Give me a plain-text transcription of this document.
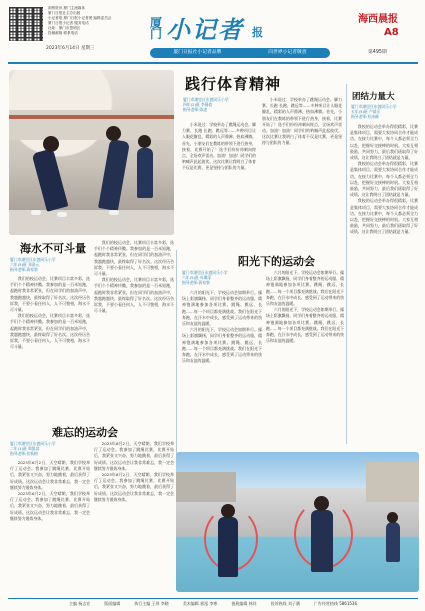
洞察资讯 厦门主流媒体
厦门日报社主办出版
小记者报 厦门日报小记者团 编辑委员会
厦门日报小记者 服务电话
社址：厦门市思明区
投稿邮箱 联系电话
2023年6月14日 星期三
厦门 小记者 报
海西晨报
A8
厦门日报社小记者品牌	向世界小记者敬意	第495期
践行体育精神
厦门市湖里区东渡同乐小学
四年(2)班 李静韵
指导老师:陈凌

小米说过：学校举办了跳绳运动会。脚力赛、长跑 长跑、跳远等……多种项目让人眼花缭乱，精彩的人声鼎沸，热血沸腾。首先，小朋友们在教练的带领下进行热身，接着，比赛开始了！选手们纷纷冲刺向终点，全场欢声雷动。加油！加油！同学们的呐喊声此起彼伏。这次比赛让我明白了体育不仅是比赛，更是坚持与团队的力量。

小米说过：学校举办了跳绳运动会。脚力赛、长跑 长跑、跳远等……多种项目让人眼花缭乱，精彩的人声鼎沸，热血沸腾。首先，小朋友们在教练的带领下进行热身，接着，比赛开始了！选手们纷纷冲刺向终点，全场欢声雷动。加油！加油！同学们的呐喊声此起彼伏。这次比赛让我明白了体育不仅是比赛，更是坚持与团队的力量。

团结力量大
厦门市湖里区东渡同乐小学
五年(5)班 卢晨乐
指导老师:杜冰颜

我校的运动会举办得很精彩，比赛是集体项目，需要大家协同合作才能成功。在接力比赛中，每个人都必须全力以赴，把握好交接棒的时机。大家互相鼓励，共同努力，最后我们班取得了好成绩。这让我明白了团结就是力量。

我校的运动会举办得很精彩，比赛是集体项目，需要大家协同合作才能成功。在接力比赛中，每个人都必须全力以赴，把握好交接棒的时机。大家互相鼓励，共同努力，最后我们班取得了好成绩。这让我明白了团结就是力量。

我校的运动会举办得很精彩，比赛是集体项目，需要大家协同合作才能成功。在接力比赛中，每个人都必须全力以赴，把握好交接棒的时机。大家互相鼓励，共同努力，最后我们班取得了好成绩。这让我明白了团结就是力量。

阳光下的运动会
厦门市湖里区东渡同乐小学
六年(5)班 叶璐菲
指导老师:蒋家黎

六月的阳光下，学校运动会如期举行。操场上彩旗飘扬，同学们身着整齐的运动服，精神饱满地参加各项比赛。跳绳、跳远、长跑……每一个项目都充满挑战。我们在阳光下奔跑，在汗水中成长，感受到了运动带来的快乐和友谊的温暖。

六月的阳光下，学校运动会如期举行。操场上彩旗飘扬，同学们身着整齐的运动服，精神饱满地参加各项比赛。跳绳、跳远、长跑……每一个项目都充满挑战。我们在阳光下奔跑，在汗水中成长，感受到了运动带来的快乐和友谊的温暖。

六月的阳光下，学校运动会如期举行。操场上彩旗飘扬，同学们身着整齐的运动服，精神饱满地参加各项比赛。跳绳、跳远、长跑……每一个项目都充满挑战。我们在阳光下奔跑，在汗水中成长，感受到了运动带来的快乐和友谊的温暖。

六月的阳光下，学校运动会如期举行。操场上彩旗飘扬，同学们身着整齐的运动服，精神饱满地参加各项比赛。跳绳、跳远、长跑……每一个项目都充满挑战。我们在阳光下奔跑，在汗水中成长，感受到了运动带来的快乐和友谊的温暖。

海水不可斗量
厦门市湖里区东渡同乐小学
六年(5)班 邓嘉元
指导老师:蒋家黎

我们的校运动会，比赛项目丰富多彩，选手们个个精神抖擞。我参加的是一百米短跑，起跑时我非常紧张，但在同学们的加油声中，我越跑越快，最终取得了好名次。这次经历告诉我，不要小看任何人，人不可貌相，海水不可斗量。

我们的校运动会，比赛项目丰富多彩，选手们个个精神抖擞。我参加的是一百米短跑，起跑时我非常紧张，但在同学们的加油声中，我越跑越快，最终取得了好名次。这次经历告诉我，不要小看任何人，人不可貌相，海水不可斗量。

我们的校运动会，比赛项目丰富多彩，选手们个个精神抖擞。我参加的是一百米短跑，起跑时我非常紧张，但在同学们的加油声中，我越跑越快，最终取得了好名次。这次经历告诉我，不要小看任何人，人不可貌相，海水不可斗量。

我们的校运动会，比赛项目丰富多彩，选手们个个精神抖擞。我参加的是一百米短跑，起跑时我非常紧张，但在同学们的加油声中，我越跑越快，最终取得了好名次。这次经历告诉我，不要小看任何人，人不可貌相，海水不可斗量。

难忘的运动会
厦门市湖里区东渡同乐小学
二年(1)班 郑凯睿
指导老师:张秋榕

2023年6月2日，天空晴朗，我们学校举行了运动会。我参加了跳绳比赛，比赛开始后，我紧张又兴奋，努力地跳着，最后获得了好成绩。这次运动会让我非常难忘，我一定会继续努力锻炼身体。

2023年6月2日，天空晴朗，我们学校举行了运动会。我参加了跳绳比赛，比赛开始后，我紧张又兴奋，努力地跳着，最后获得了好成绩。这次运动会让我非常难忘，我一定会继续努力锻炼身体。

2023年6月2日，天空晴朗，我们学校举行了运动会。我参加了跳绳比赛，比赛开始后，我紧张又兴奋，努力地跳着，最后获得了好成绩。这次运动会让我非常难忘，我一定会继续努力锻炼身体。

2023年6月2日，天空晴朗，我们学校举行了运动会。我参加了跳绳比赛，比赛开始后，我紧张又兴奋，努力地跳着，最后获得了好成绩。这次运动会让我非常难忘，我一定会继续努力锻炼身体。

主编 杨志宏	版面编辑	执行主编 王琼 李晓	美术编辑 郭泓 李寒	值班编辑 林祥	投诉热线 刘子涵	广告经营热线 5861536
